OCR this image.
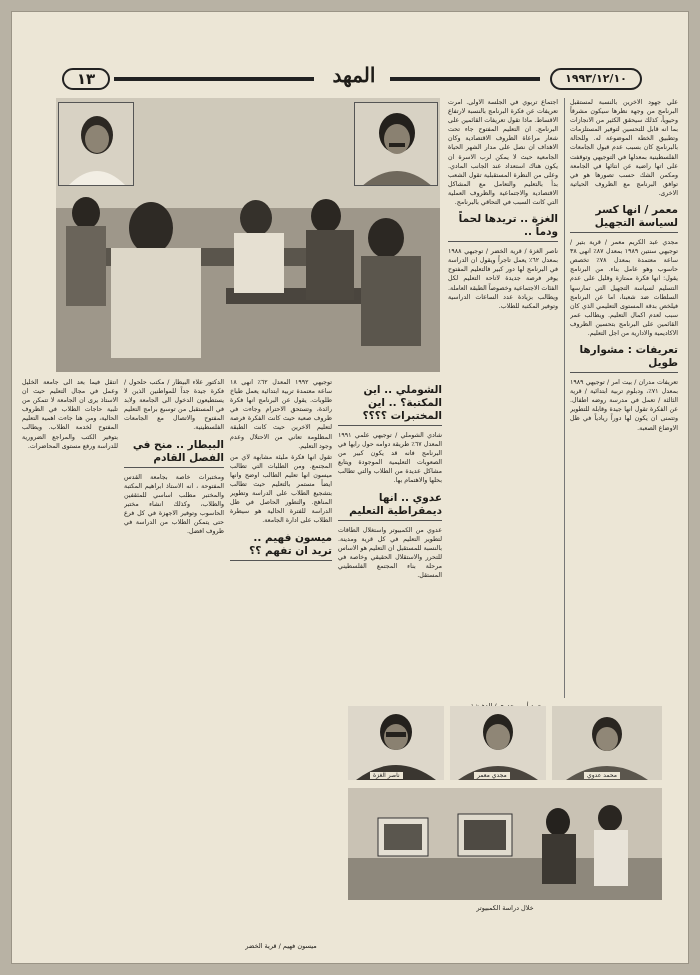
١٣	المهد	١٩٩٣/١٢/١٠

علي جهود الاخرين بالنسبة لمستقبل البرنامج من وجهة نظرها سيكون مشرقاً وحيوياً، كذلك سيحقق الكثير من الانجازات بما انه قابل للتحسين لتوفير المستلزمات وتطبيق الخطة الموضوعة له. وللحالة بالبرنامج كان بسبب عدم قبول الجامعات الفلسطينية بمعدلها في التوجيهي وتوقفت على اتها راضية عن انتائها في الجامعة ومكمن الشك حسب تصورها هو في توافق البرنامج مع الظروف الحياتية الاخرى.

معمر / انها كسر لسياسة التجهيل

مجدي عبد الكريم معمر / قرية بتير / توجيهي سنتين ١٩٨٩ بمعدل ٨٧٪ انهى ٣٨ ساعة معتمدة بمعدل ٧٨٪ تخصص حاسوب وهو عامل بناء. من البرنامج يقول: انها فكرة ممتازة وقليل على عدم التسليم لسياسة التجهيل التي تمارسها السلطات ضد شعبنا، اما عن البرنامج فيلخص بدقة المستوى التعليمي الذي كان سبب لعدم اكمال التعليم. ويطالب عمر القائمين على البرنامج بتحسين الظروف الاكاديمية والادارية من اجل التعليم.

تعريفات : مشوارها طويل

تعريفات مدران / بيت امر / توجيهي ١٩٨٩ بمعدل ٧١٪، ودبلوم تربية ابتدائية / قرية الثالثة / تعمل في مدرسة روضه اطفال. عن الفكرة تقول انها جيدة وقابلة للتطوير وتتمنى ان يكون لها دوراً ريادياً في ظل الاوضاع الصعبة.

اجتماع تربوي في الجلسة الاولى. امرت تعريفات عن فكرة البرنامج بالنسبة لارتفاع الاقساط. ماذا تقول تعريفات القائمين على البرنامج. ان التعليم المفتوح جاء تحت شعار مراعاة الظروف الاقتصادية وكان الاهداف ان نصل على مدار الشهر الحياة الجامعية حيث لا يمكن لرب الاسرة ان يكون هناك استعداد عند الجانب المادي. وعلى من النظرة المستقبلية تقول الشعب بدأ بالتعليم والتعامل مع المشاكل الاقتصادية والاجتماعية والظروف العملية التي كانت السبب في التحاقي بالبرنامج.

الغزة .. تريدها لحماً ودماً ..

ناصر الغزة / قرية الخضر / توجيهي ١٩٨٨ بمعدل ٦٢٪ يعمل تاجراً ويقول ان الدراسة في البرنامج لها دور كبير فالتعليم المفتوح يوفر فرصة جديدة لاتاحة التعليم لكل الفئات الاجتماعية وخصوصاً الطبقة العاملة. ويطالب بزيادة عدد الساعات الدراسية وتوفير المكتبة للطلاب.

الشوملي .. اين المكتبة؟ .. اين المختبرات ؟؟؟؟

شادي الشوملي / توجيهي علمي ١٩٩١ المعدل ٦٧٪ طريقة دوامه حول رايها في البرنامج فانه قد يكون كبير من الصعوبات التعليمية الموجودة ويتابع مشاكل عديدة من الطلاب والتي تطالب بحلها والاهتمام بها.

عدوي .. انها ديمقراطية التعليم

عدوي من الكمبيوتر واستغلال الطاقات لتطوير التعليم في كل قرية ومدينة. بالنسبة للمستقبل ان التعليم هو الاساس للتحرر والاستقلال الحقيقي وخاصة في مرحلة بناء المجتمع الفلسطيني المستقل.

توجيهي ١٩٩٢ المعدل ٦٢٪ انهى ١٨ ساعة معتمدة تربية ابتدائية يعمل طباخ طلوبات. يقول عن البرنامج انها فكرة رائدة، وتستحق الاحترام وجاءت في ظروف صعبة حيث كانت الفكرة فرصة لتعليم الاخرين حيث كانت الطبقة المظلومة تعاني من الاحتلال وعدم وجود التعليم.

تقول انها فكرة مليئة مشابهة لاي من المجتمع. ومن الطلبات التي تطالب ميسون انها تعليم الطالب اوضح وانها ايضاً مستمر بالتعليم حيث تطالب بتشجيع الطلاب على الدراسة وتطوير المناهج. والتطور الحاصل في ظل الدراسة للفترة الحالية هو سيطرة الطلاب على ادارة الجامعة.

ميسون فهيم .. تريد ان تفهم ؟؟

الدكتور علاء البيطار / مكتب حلحول / فكرة جيدة جداً للمواطنين الذين لا يستطيعون الدخول الى الجامعة ولابد في المستقبل من توسيع برامج التعليم المفتوح والاتصال مع الجامعات الفلسطينية.

البيطار .. منح في الفصل القادم

ومختبرات خاصة بجامعة القدس المفتوحة ، انه الاستاذ ابراهيم المكتبة والمختبر مطلب اساسي للمثقفين والطلاب، وكذلك انشاء مختبر الحاسوب وتوفير الاجهزة في كل فرع حتى يتمكن الطلاب من الدراسة في ظروف افضل.

انتقل فيما بعد الى جامعة الخليل وعمل في مجال التعليم حيث ان الاستاذ يرى ان الجامعة لا تتمكن من تلبية حاجات الطلاب في الظروف الحالية، ومن هنا جاءت اهمية التعليم المفتوح لخدمة الطلاب. ويطالب بتوفير الكتب والمراجع الضرورية للدراسة ورفع مستوى المحاضرات.

ميسون فهيم / قرية الخضر
ناصر الغزة	مجدي معمر	محمد عدوي
خلال دراسة الكمبيوتر
